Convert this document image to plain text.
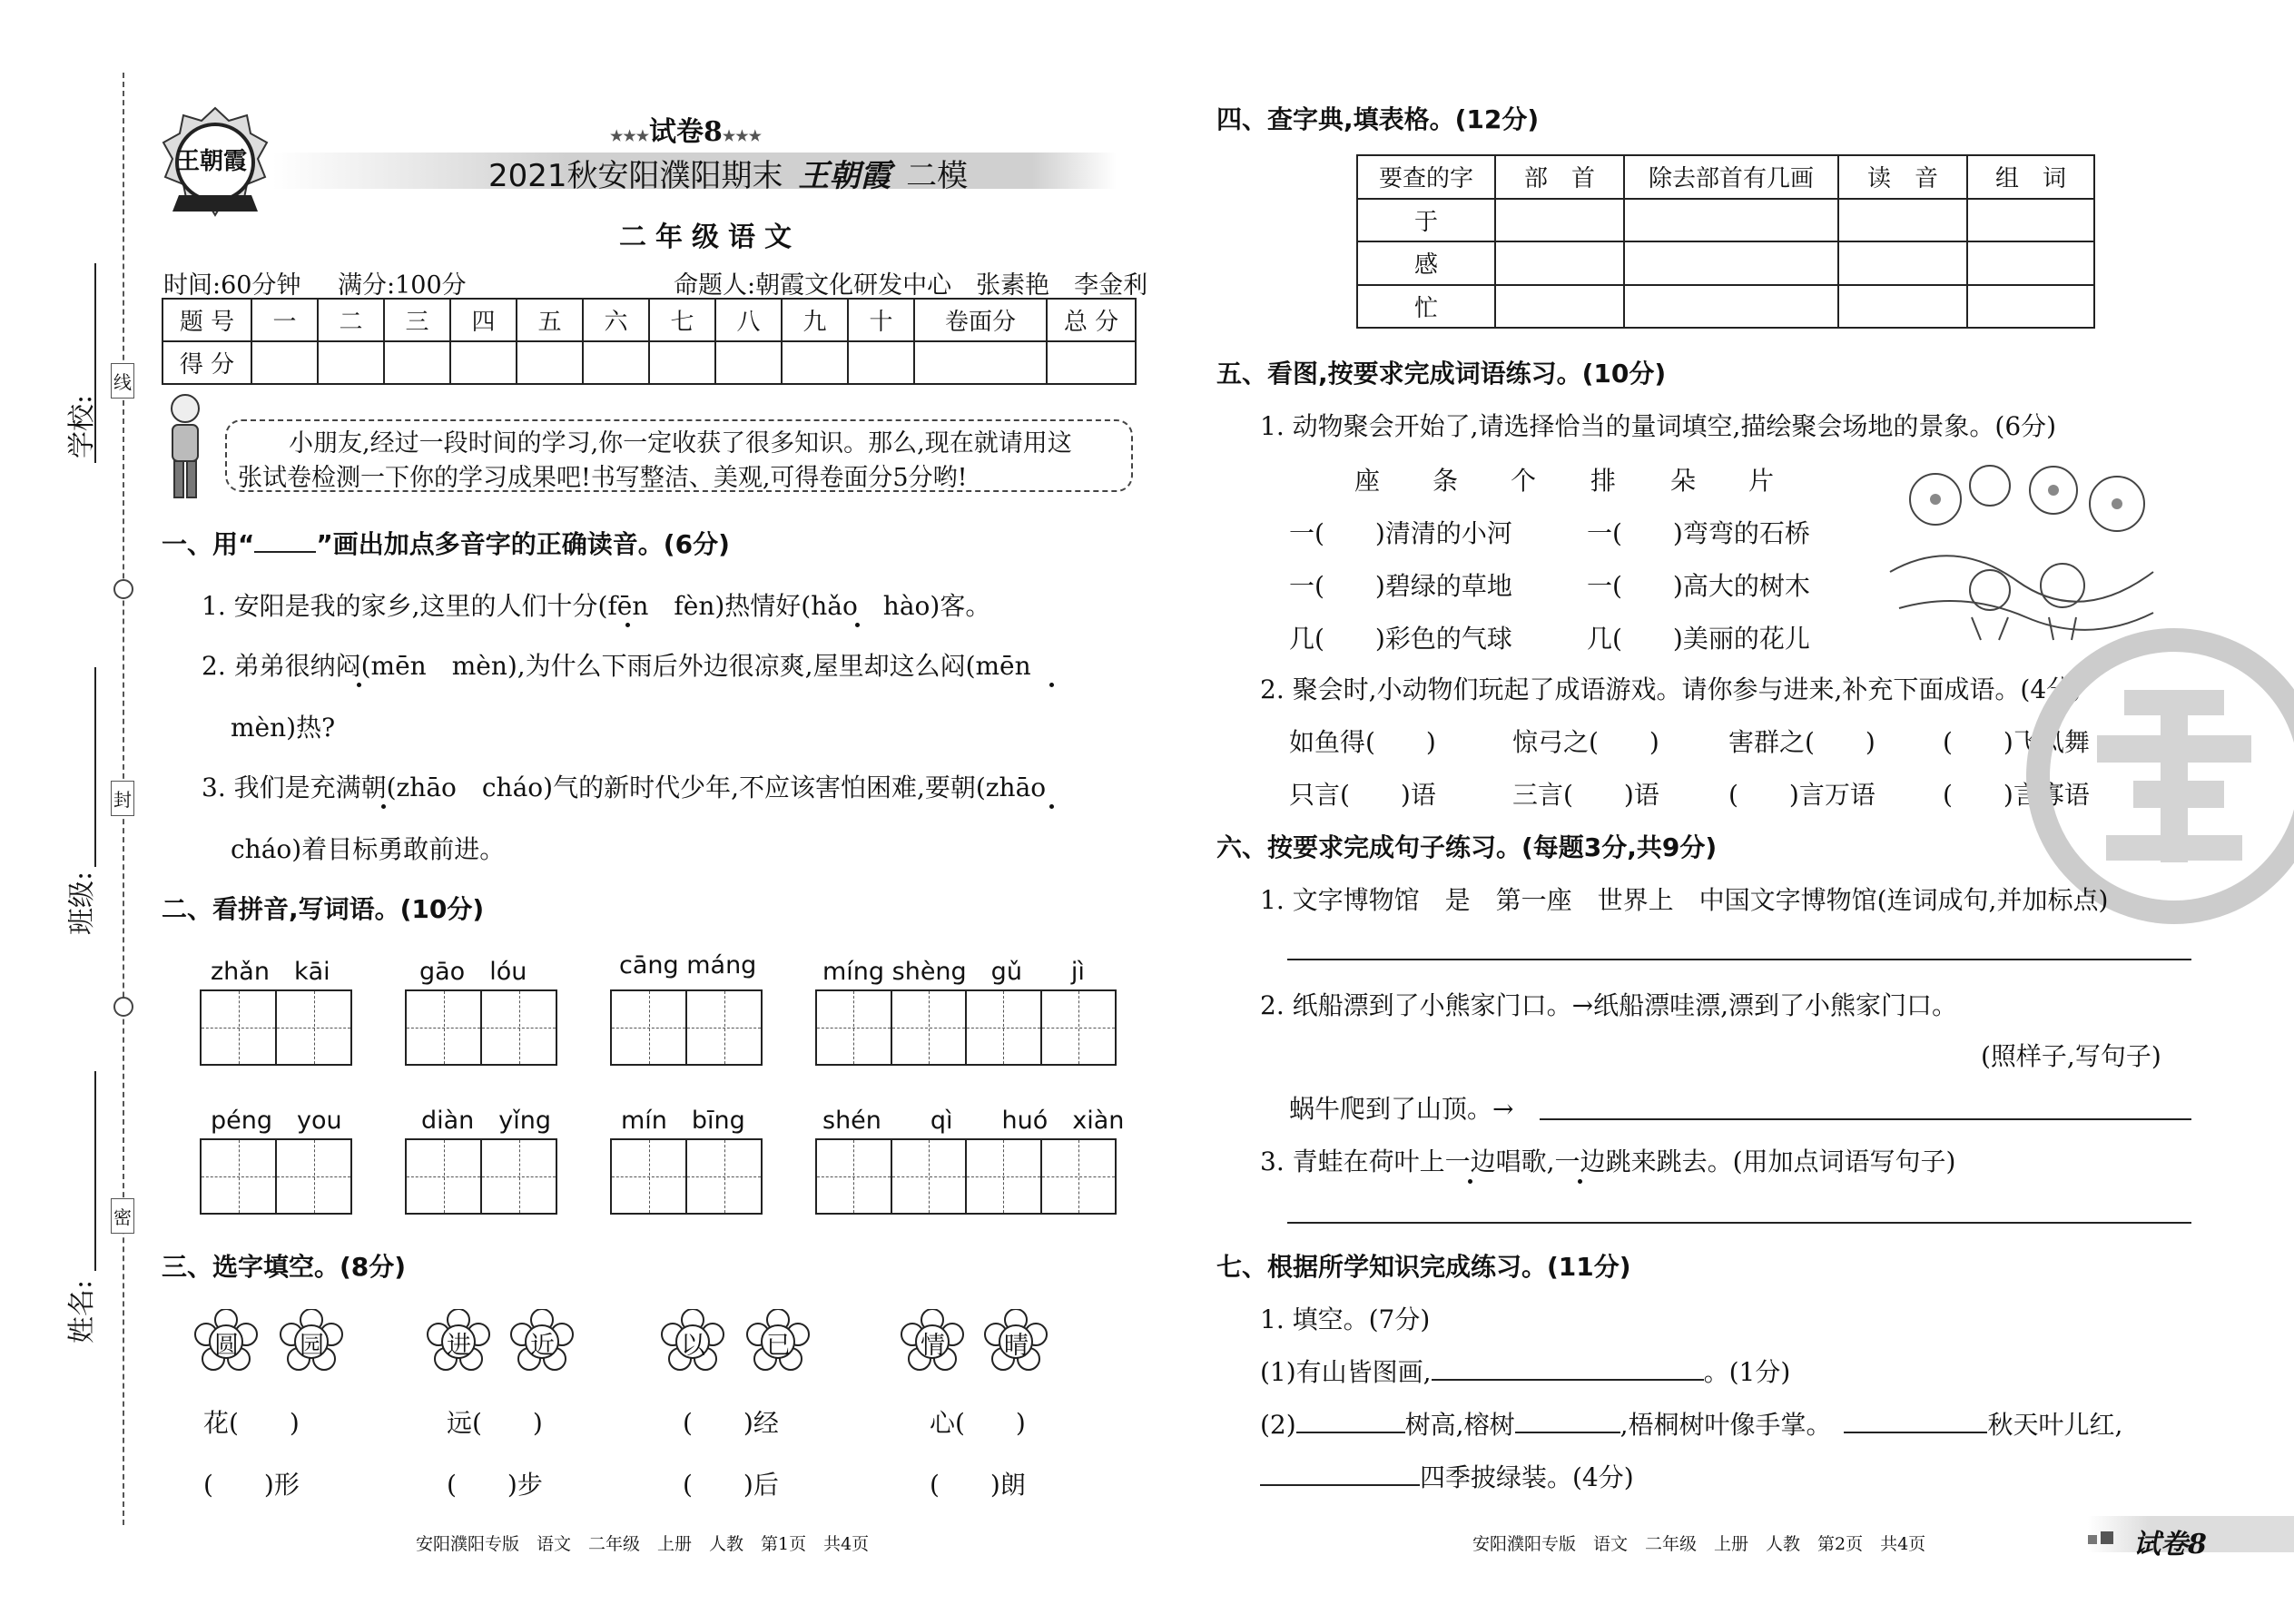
线
封
密
学校:
班级:
姓名:
王朝霞
★★★试卷8★★★
2021秋安阳濮阳期末 王朝霞 二模
二年级语文
时间:60分钟 满分:100分	命题人:朝霞文化研发中心　张素艳　李金利
题 号	一	二	三	四	五	六	七	八	九	十	卷面分	总 分
得 分												
小朋友,经过一段时间的学习,你一定收获了很多知识。那么,现在就请用这
张试卷检测一下你的学习成果吧!书写整洁、美观,可得卷面分5分哟!
一、用“ ”画出加点多音字的正确读音。(6分)
1. 安阳是我的家乡,这里的人们十分(fēn　fèn)热情好(hǎo　hào)客。
2. 弟弟很纳闷(mēn　mèn),为什么下雨后外边很凉爽,屋里却这么闷(mēn
mèn)热?
3. 我们是充满朝(zhāo　cháo)气的新时代少年,不应该害怕困难,要朝(zhāo
cháo)着目标勇敢前进。
二、看拼音,写词语。(10分)
zhǎn　kāi	gāo　lóu	cāng máng	míng shèng　gǔ　　jì
péng　you	diàn　yǐng	mín　bīng	shén　　qì　　huó　xiàn
三、选字填空。(8分)
圆 园	进 近	以 已	情 晴
花(　　)	远(　　)	(　　)经	心(　　)
(　　)形	(　　)步	(　　)后	(　　)朗
安阳濮阳专版　语文　二年级　上册　人教　第1页　共4页
四、查字典,填表格。(12分)
要查的字	部　首	除去部首有几画	读　音	组　词
于				
感				
忙				
五、看图,按要求完成词语练习。(10分)
1. 动物聚会开始了,请选择恰当的量词填空,描绘聚会场地的景象。(6分)
座 条 个 排 朵 片
一(　　)清清的小河	一(　　)弯弯的石桥
一(　　)碧绿的草地	一(　　)高大的树木
几(　　)彩色的气球	几(　　)美丽的花儿
2. 聚会时,小动物们玩起了成语游戏。请你参与进来,补充下面成语。(4分)
如鱼得(　　)	惊弓之(　　)	害群之(　　)	(　　)飞凤舞
只言(　　)语	三言(　　)语	(　　)言万语	(　　)言寡语
六、按要求完成句子练习。(每题3分,共9分)
1. 文字博物馆　是　第一座　世界上　中国文字博物馆(连词成句,并加标点)
2. 纸船漂到了小熊家门口。→纸船漂哇漂,漂到了小熊家门口。
(照样子,写句子)
蜗牛爬到了山顶。→
3. 青蛙在荷叶上一边唱歌,一边跳来跳去。(用加点词语写句子)
七、根据所学知识完成练习。(11分)
1. 填空。(7分)
(1)有山皆图画,	。(1分)
(2)	树高,榕树	,梧桐树叶像手掌。	秋天叶儿红,
四季披绿装。(4分)
安阳濮阳专版　语文　二年级　上册　人教　第2页　共4页	试卷8
